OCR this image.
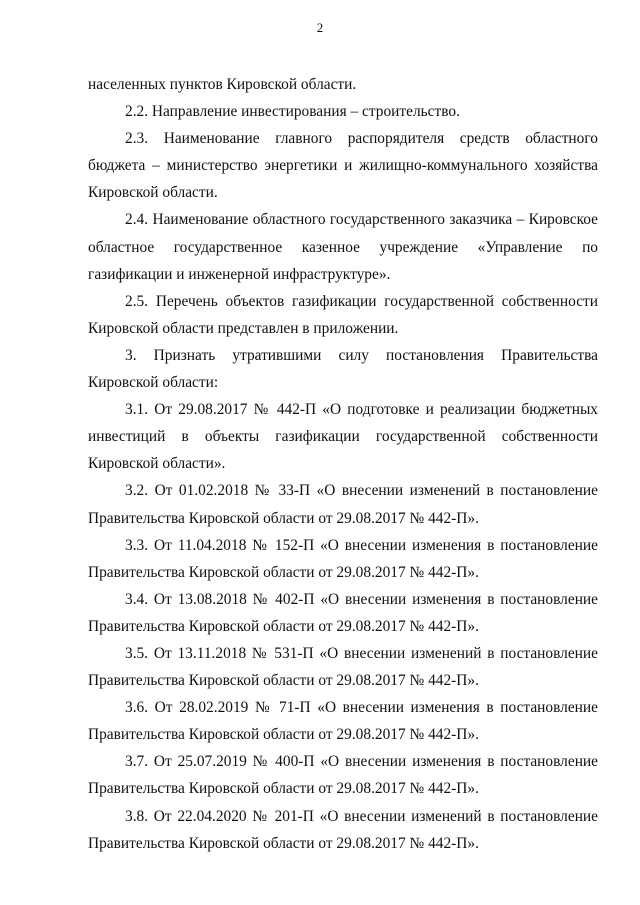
2

населенных пунктов Кировской области.

2.2. Направление инвестирования – строительство.

2.3. Наименование главного распорядителя средств областного бюджета – министерство энергетики и жилищно-коммунального хозяйства Кировской области.

2.4. Наименование областного государственного заказчика – Кировское областное государственное казенное учреждение «Управление по газификации и инженерной инфраструктуре».

2.5. Перечень объектов газификации государственной собственности Кировской области представлен в приложении.

3. Признать утратившими силу постановления Правительства Кировской области:

3.1. От 29.08.2017 № 442-П «О подготовке и реализации бюджетных инвестиций в объекты газификации государственной собственности Кировской области».

3.2. От 01.02.2018 № 33-П «О внесении изменений в постановление Правительства Кировской области от 29.08.2017 № 442-П».

3.3. От 11.04.2018 № 152-П «О внесении изменения в постановление Правительства Кировской области от 29.08.2017 № 442-П».

3.4. От 13.08.2018 № 402-П «О внесении изменения в постановление Правительства Кировской области от 29.08.2017 № 442-П».

3.5. От 13.11.2018 № 531-П «О внесении изменений в постановление Правительства Кировской области от 29.08.2017 № 442-П».

3.6. От 28.02.2019 № 71-П «О внесении изменения в постановление Правительства Кировской области от 29.08.2017 № 442-П».

3.7. От 25.07.2019 № 400-П «О внесении изменения в постановление Правительства Кировской области от 29.08.2017 № 442-П».

3.8. От 22.04.2020 № 201-П «О внесении изменений в постановление Правительства Кировской области от 29.08.2017 № 442-П».
